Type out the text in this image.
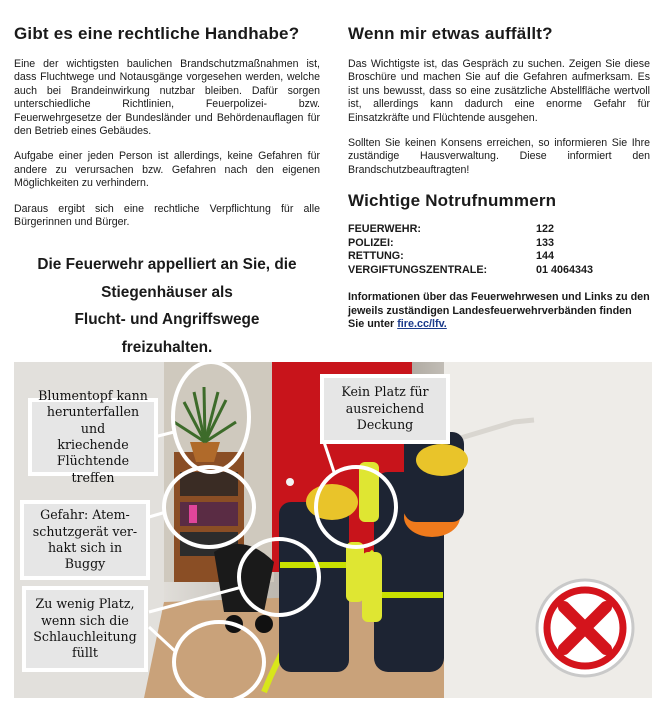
Gibt es eine rechtliche Handhabe?

Eine der wichtigsten baulichen Brandschutzmaßnahmen ist, dass Fluchtwege und Notausgänge vorgesehen werden, welche auch bei Brandeinwirkung nutzbar bleiben. Dafür sorgen unterschiedliche Richtlinien, Feuerpolizei- bzw. Feuerwehrgesetze der Bundesländer und Behördenauflagen für den Betrieb eines Gebäudes.

Aufgabe einer jeden Person ist allerdings, keine Gefahren für andere zu verursachen bzw. Gefahren nach den eigenen Möglichkeiten zu verhindern.

Daraus ergibt sich eine rechtliche Verpflichtung für alle Bürgerinnen und Bürger.

Die Feuerwehr appelliert an Sie, die
Stiegenhäuser als
Flucht- und Angriffswege
freizuhalten.
Wenn mir etwas auffällt?

Das Wichtigste ist, das Gespräch zu suchen. Zeigen Sie diese Broschüre und machen Sie auf die Gefahren aufmerksam. Es ist uns bewusst, dass so eine zusätzliche Abstellfläche wertvoll ist, allerdings kann dadurch eine enorme Gefahr für Einsatzkräfte und Flüchtende ausgehen.

Sollten Sie keinen Konsens erreichen, so informieren Sie Ihre zuständige Hausverwaltung. Diese informiert den Brandschutzbeauftragten!

Wichtige Notrufnummern
FEUERWEHR:	122
POLIZEI:	133
RETTUNG:	144
VERGIFTUNGSZENTRALE:	01 4064343
Informationen über das Feuerwehrwesen und Links zu den jeweils zuständigen Landesfeuerwehrverbänden finden Sie unter fire.cc/lfv.
Blumentopf kann
herunterfallen und
kriechende
Flüchtende treffen
Kein Platz für
ausreichend
Deckung
Gefahr: Atem-
schutzgerät ver-
hakt sich in Buggy
Zu wenig Platz,
wenn sich die
Schlauchleitung
füllt
